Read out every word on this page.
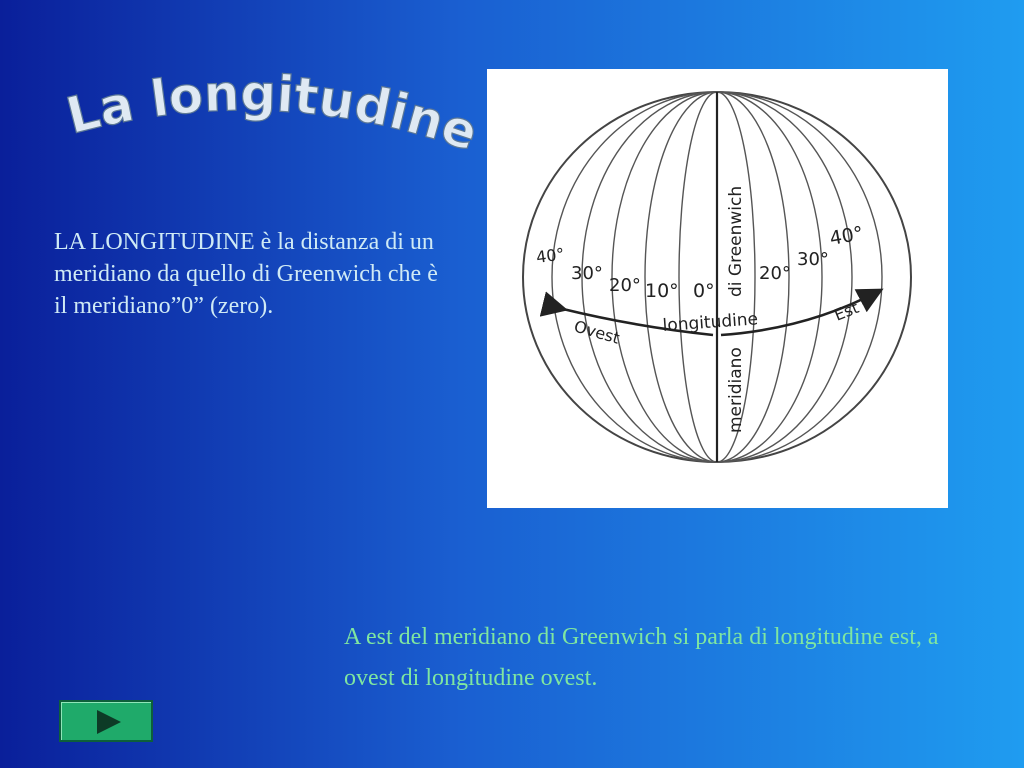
La longitudine
LA LONGITUDINE è la distanza di un meridiano da quello di Greenwich che è il meridiano”0” (zero).
40°
30°
20° 10° 0°
20°
30°
40°
longitudine
Ovest
Est
di Greenwich
meridiano
A est del meridiano di Greenwich si parla di longitudine est, a ovest di longitudine ovest.
